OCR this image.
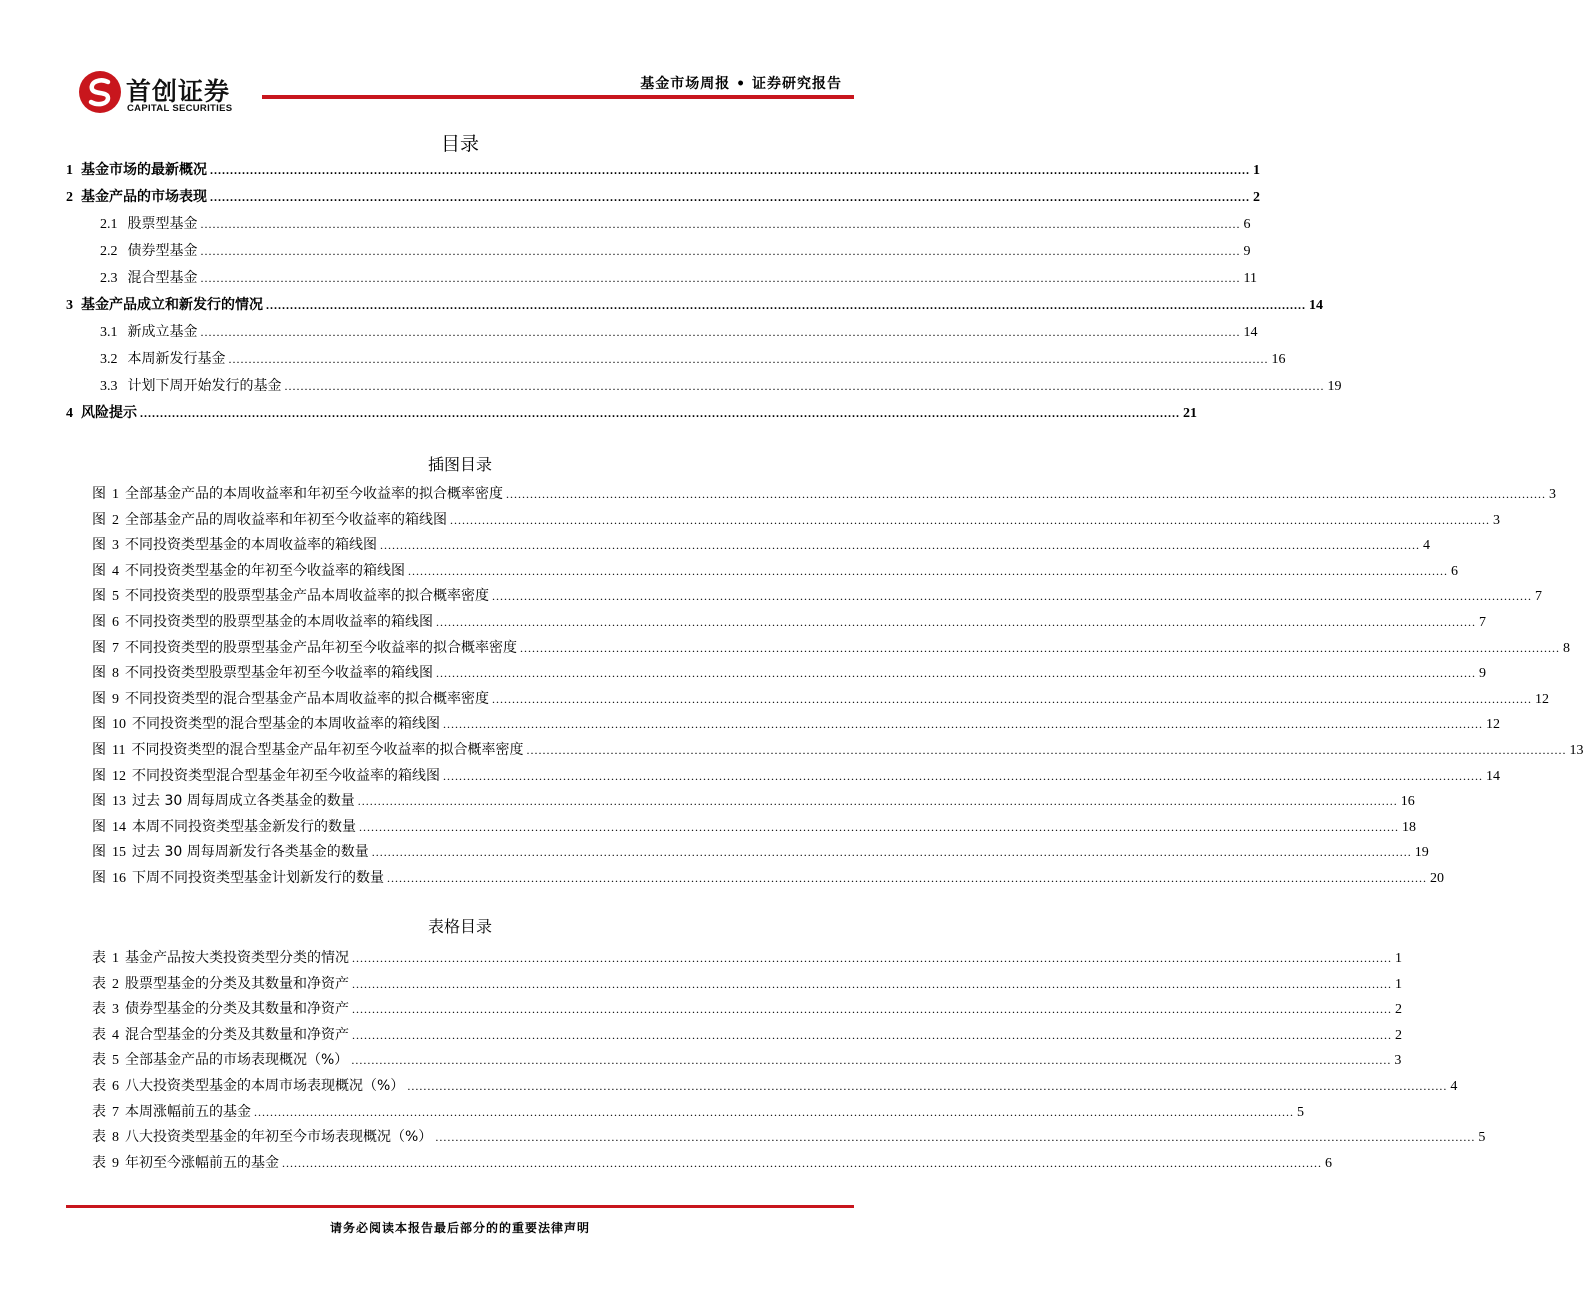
首创证券
CAPITAL SECURITIES
基金市场周报 • 证券研究报告
目录
1 基金市场的最新概况 .................................................................................................................................................................................................................................................................... 1
2 基金产品的市场表现 .................................................................................................................................................................................................................................................................... 2
2.1 股票型基金 .................................................................................................................................................................................................................................................................... 6
2.2 债券型基金 .................................................................................................................................................................................................................................................................... 9
2.3 混合型基金 .................................................................................................................................................................................................................................................................... 11
3 基金产品成立和新发行的情况 .................................................................................................................................................................................................................................................................... 14
3.1 新成立基金 .................................................................................................................................................................................................................................................................... 14
3.2 本周新发行基金 .................................................................................................................................................................................................................................................................... 16
3.3 计划下周开始发行的基金 .................................................................................................................................................................................................................................................................... 19
4 风险提示 .................................................................................................................................................................................................................................................................... 21
插图目录
图 1 全部基金产品的本周收益率和年初至今收益率的拟合概率密度 .................................................................................................................................................................................................................................................................... 3
图 2 全部基金产品的周收益率和年初至今收益率的箱线图 .................................................................................................................................................................................................................................................................... 3
图 3 不同投资类型基金的本周收益率的箱线图 .................................................................................................................................................................................................................................................................... 4
图 4 不同投资类型基金的年初至今收益率的箱线图 .................................................................................................................................................................................................................................................................... 6
图 5 不同投资类型的股票型基金产品本周收益率的拟合概率密度 .................................................................................................................................................................................................................................................................... 7
图 6 不同投资类型的股票型基金的本周收益率的箱线图 .................................................................................................................................................................................................................................................................... 7
图 7 不同投资类型的股票型基金产品年初至今收益率的拟合概率密度 .................................................................................................................................................................................................................................................................... 8
图 8 不同投资类型股票型基金年初至今收益率的箱线图 .................................................................................................................................................................................................................................................................... 9
图 9 不同投资类型的混合型基金产品本周收益率的拟合概率密度 .................................................................................................................................................................................................................................................................... 12
图 10 不同投资类型的混合型基金的本周收益率的箱线图 .................................................................................................................................................................................................................................................................... 12
图 11 不同投资类型的混合型基金产品年初至今收益率的拟合概率密度 .................................................................................................................................................................................................................................................................... 13
图 12 不同投资类型混合型基金年初至今收益率的箱线图 .................................................................................................................................................................................................................................................................... 14
图 13 过去 30 周每周成立各类基金的数量 .................................................................................................................................................................................................................................................................... 16
图 14 本周不同投资类型基金新发行的数量 .................................................................................................................................................................................................................................................................... 18
图 15 过去 30 周每周新发行各类基金的数量 .................................................................................................................................................................................................................................................................... 19
图 16 下周不同投资类型基金计划新发行的数量 .................................................................................................................................................................................................................................................................... 20
表格目录
表 1 基金产品按大类投资类型分类的情况 .................................................................................................................................................................................................................................................................... 1
表 2 股票型基金的分类及其数量和净资产 .................................................................................................................................................................................................................................................................... 1
表 3 债券型基金的分类及其数量和净资产 .................................................................................................................................................................................................................................................................... 2
表 4 混合型基金的分类及其数量和净资产 .................................................................................................................................................................................................................................................................... 2
表 5 全部基金产品的市场表现概况（%） .................................................................................................................................................................................................................................................................... 3
表 6 八大投资类型基金的本周市场表现概况（%） .................................................................................................................................................................................................................................................................... 4
表 7 本周涨幅前五的基金 .................................................................................................................................................................................................................................................................... 5
表 8 八大投资类型基金的年初至今市场表现概况（%） .................................................................................................................................................................................................................................................................... 5
表 9 年初至今涨幅前五的基金 .................................................................................................................................................................................................................................................................... 6
请务必阅读本报告最后部分的的重要法律声明
